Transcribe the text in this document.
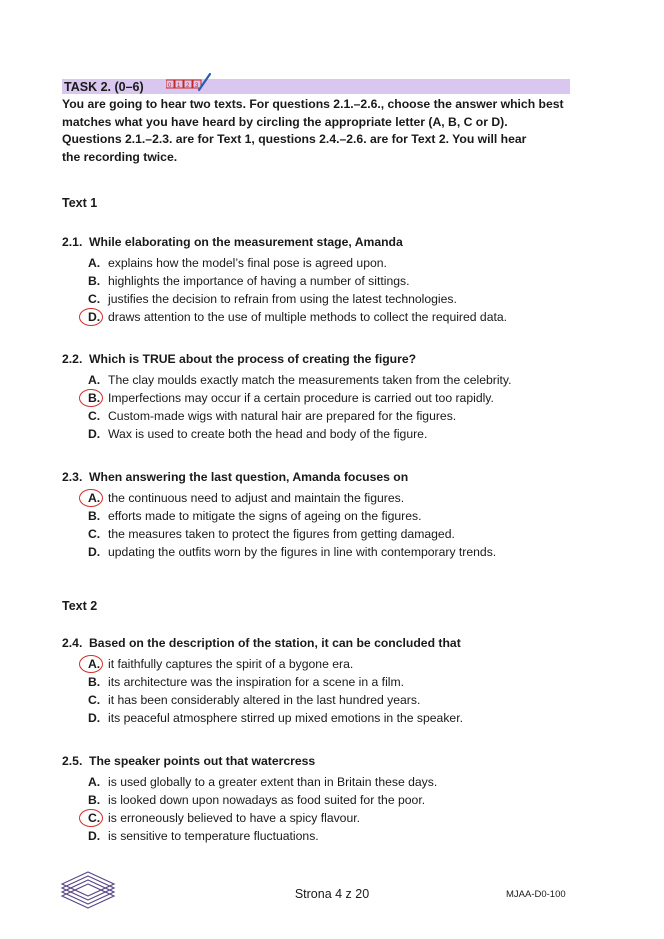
TASK 2. (0–6)	0 1 2 3
You are going to hear two texts. For questions 2.1.–2.6., choose the answer which best
matches what you have heard by circling the appropriate letter (A, B, C or D).
Questions 2.1.–2.3. are for Text 1, questions 2.4.–2.6. are for Text 2. You will hear
the recording twice.
Text 1
2.1. While elaborating on the measurement stage, Amanda
A. explains how the model’s final pose is agreed upon.
B. highlights the importance of having a number of sittings.
C. justifies the decision to refrain from using the latest technologies.
D. draws attention to the use of multiple methods to collect the required data.
2.2. Which is TRUE about the process of creating the figure?
A. The clay moulds exactly match the measurements taken from the celebrity.
B. Imperfections may occur if a certain procedure is carried out too rapidly.
C. Custom-made wigs with natural hair are prepared for the figures.
D. Wax is used to create both the head and body of the figure.
2.3. When answering the last question, Amanda focuses on
A. the continuous need to adjust and maintain the figures.
B. efforts made to mitigate the signs of ageing on the figures.
C. the measures taken to protect the figures from getting damaged.
D. updating the outfits worn by the figures in line with contemporary trends.
Text 2
2.4. Based on the description of the station, it can be concluded that
A. it faithfully captures the spirit of a bygone era.
B. its architecture was the inspiration for a scene in a film.
C. it has been considerably altered in the last hundred years.
D. its peaceful atmosphere stirred up mixed emotions in the speaker.
2.5. The speaker points out that watercress
A. is used globally to a greater extent than in Britain these days.
B. is looked down upon nowadays as food suited for the poor.
C. is erroneously believed to have a spicy flavour.
D. is sensitive to temperature fluctuations.
Strona 4 z 20	MJAA-D0-100
